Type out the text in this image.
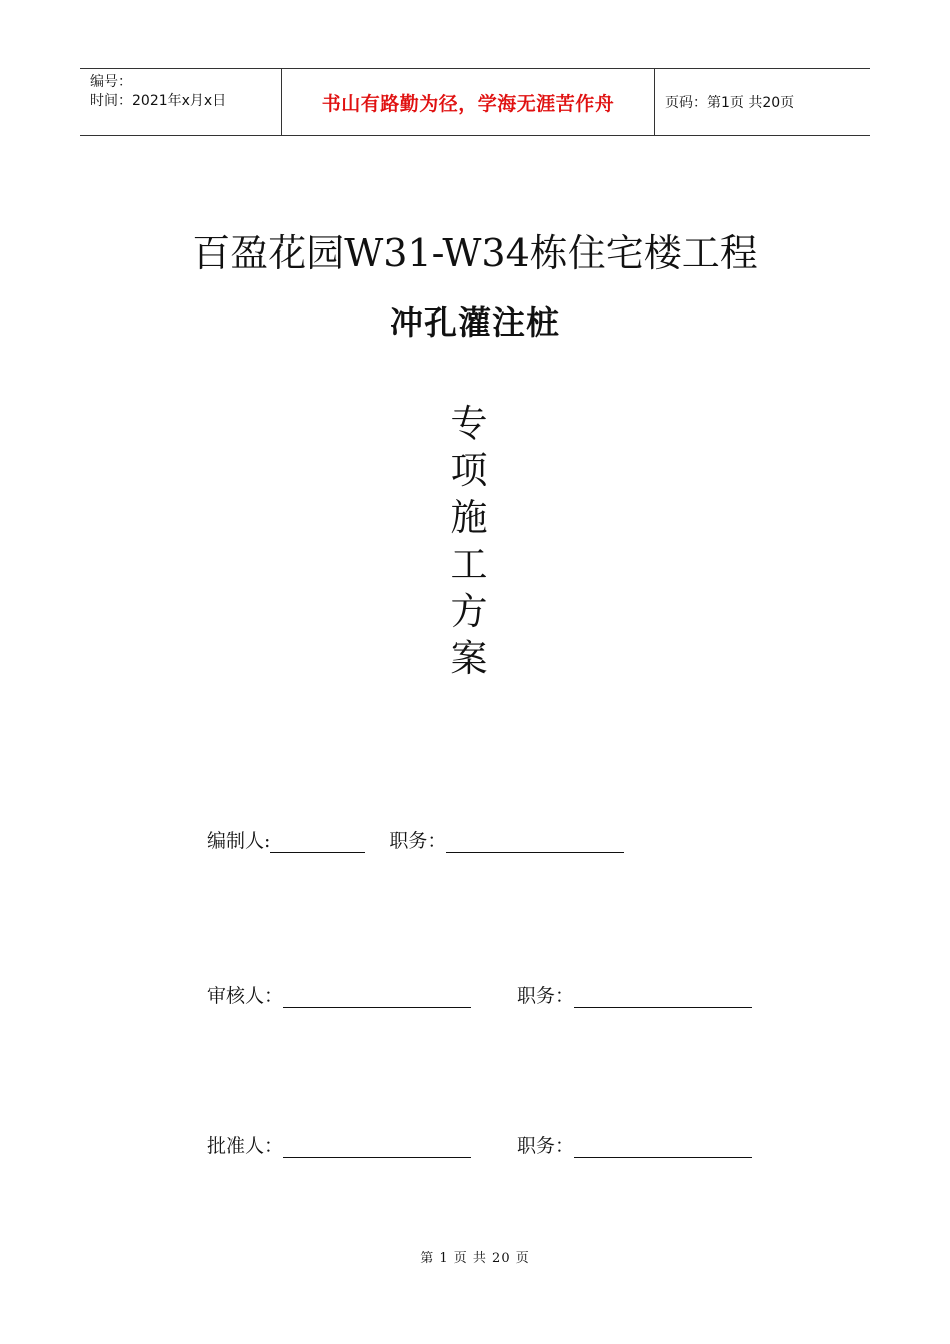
编号：
时间：2021年x月x日	书山有路勤为径，学海无涯苦作舟	页码：第1页 共20页
百盈花园W31-W34栋住宅楼工程
冲孔灌注桩
专
项
施
工
方
案
编制人:	职务：
审核人：	职务：
批准人：	职务：
第 1 页 共 20 页
